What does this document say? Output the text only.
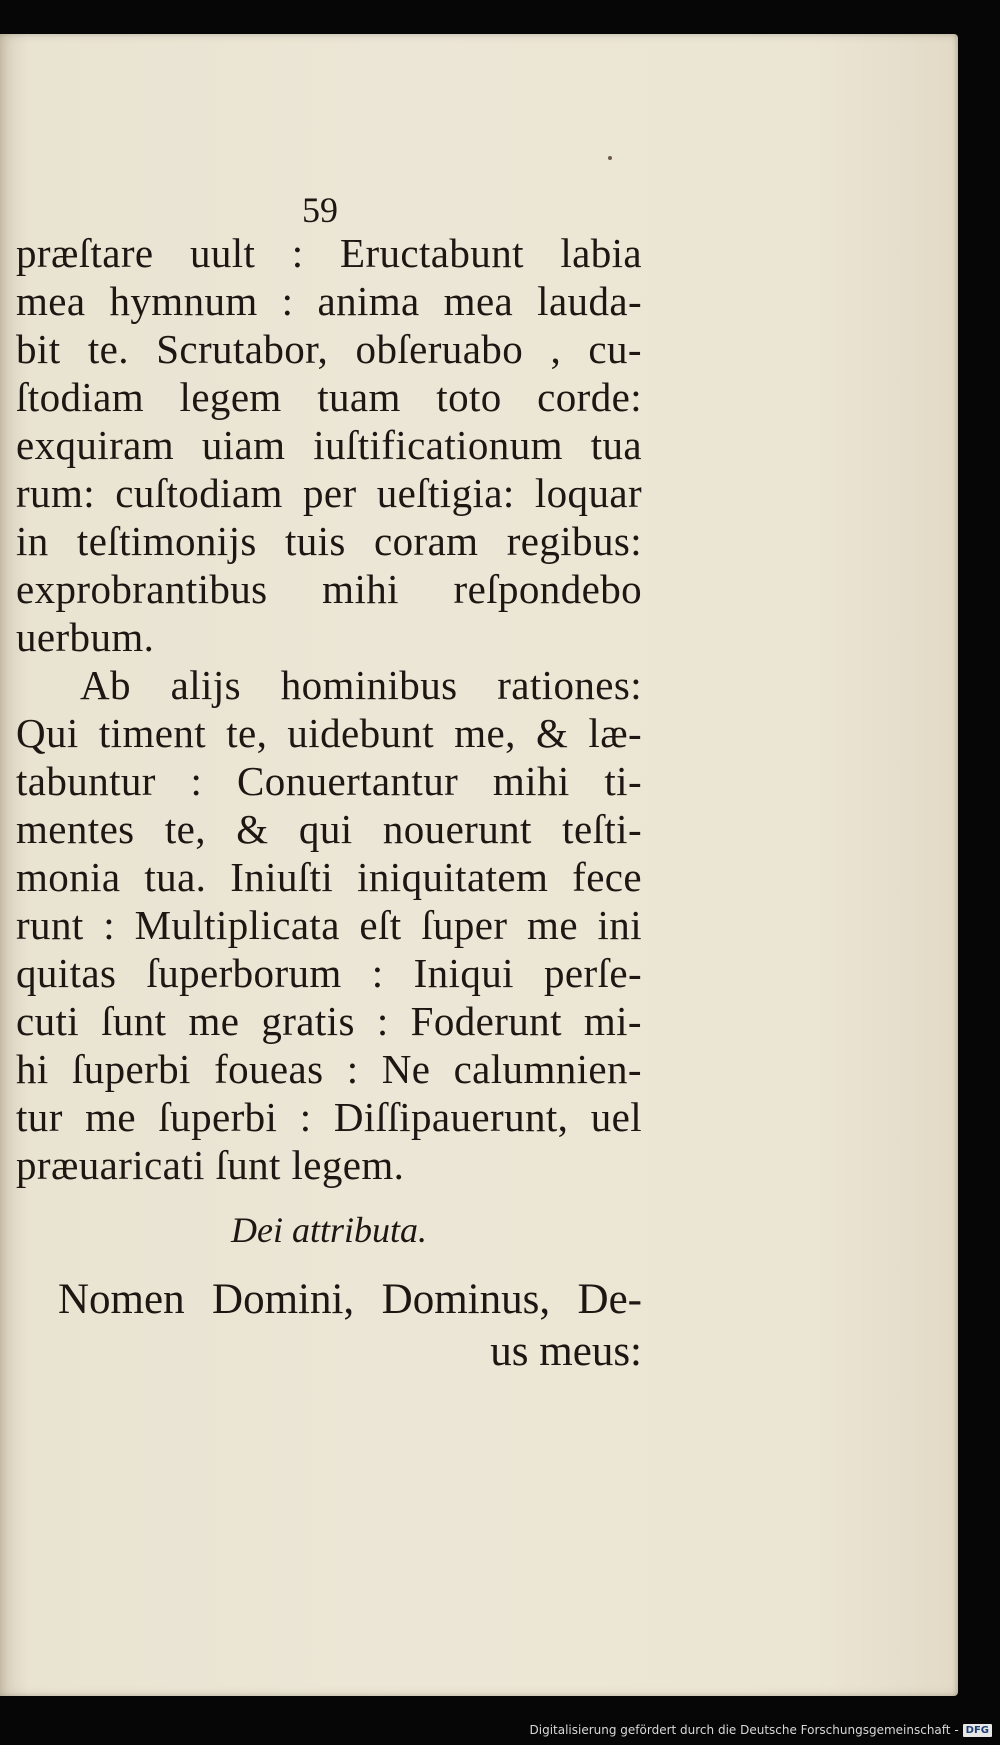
59
præſtare uult : Eructabunt labia
mea hymnum : anima mea lauda-
bit te. Scrutabor, obſeruabo , cu-
ſtodiam legem tuam toto corde:
exquiram uiam iuſtificationum tua
rum: cuſtodiam per ueſtigia: loquar
in teſtimonijs tuis coram regibus:
exprobrantibus mihi reſpondebo
uerbum.
Ab alijs hominibus rationes:
Qui timent te, uidebunt me, & læ-
tabuntur : Conuertantur mihi ti-
mentes te, & qui nouerunt teſti-
monia tua. Iniuſti iniquitatem fece
runt : Multiplicata eſt ſuper me ini
quitas ſuperborum : Iniqui perſe-
cuti ſunt me gratis : Foderunt mi-
hi ſuperbi foueas : Ne calumnien-
tur me ſuperbi : Diſſipauerunt, uel
præuaricati ſunt legem.
Dei attributa.
Nomen Domini, Dominus, De-
us meus:
Digitalisierung gefördert durch die Deutsche Forschungsgemeinschaft - DFG
